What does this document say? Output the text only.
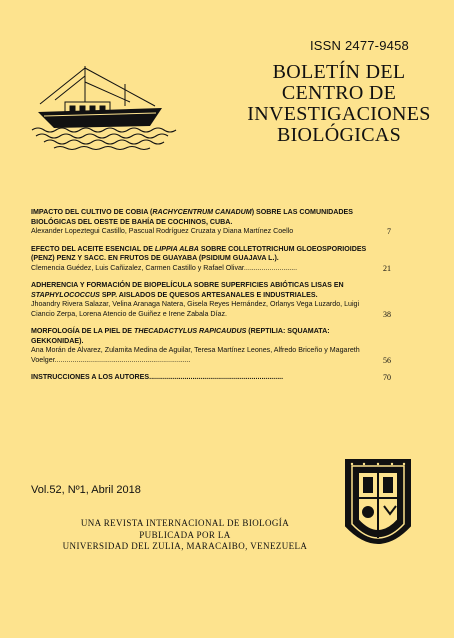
ISSN 2477-9458
BOLETÍN DEL
CENTRO DE
INVESTIGACIONES
BIOLÓGICAS
IMPACTO DEL CULTIVO DE COBIA (RACHYCENTRUM CANADUM) SOBRE LAS COMUNIDADES BIOLÓGICAS DEL OESTE DE BAHÍA DE COCHINOS, CUBA.
Alexander Lopeztegui Castillo, Pascual Rodríguez Cruzata y Diana Martínez Coello	7
EFECTO DEL ACEITE ESENCIAL DE LIPPIA ALBA SOBRE COLLETOTRICHUM GLOEOSPORIOIDES (PENZ) PENZ Y SACC. EN FRUTOS DE GUAYABA (PSIDIUM GUAJAVA L.).
Clemencia Guédez, Luis Cañizalez, Carmen Castillo y Rafael Olivar...........................	21
ADHERENCIA Y FORMACIÓN DE BIOPELÍCULA SOBRE SUPERFICIES ABIÓTICAS LISAS EN STAPHYLOCOCCUS SPP. AISLADOS DE QUESOS ARTESANALES E INDUSTRIALES.
Jhoandry Rivera Salazar, Velina Aranaga Natera, Gisela Reyes Hernández, Orlanys Vega Luzardo, Luigi Ciancio Zerpa, Lorena Atencio de Guiñez e Irene Zabala Díaz.	38
MORFOLOGÍA DE LA PIEL DE THECADACTYLUS RAPICAUDUS (REPTILIA: SQUAMATA: GEKKONIDAE).
Ana Morán de Alvarez, Zulamita Medina de Aguilar, Teresa Martínez Leones, Alfredo Briceño y Magareth Voelger.....................................................................	56
INSTRUCCIONES A LOS AUTORES....................................................................	70
Vol.52, Nº1, Abril 2018
UNA REVISTA INTERNACIONAL DE BIOLOGÍA
PUBLICADA POR LA
UNIVERSIDAD DEL ZULIA, MARACAIBO, VENEZUELA
